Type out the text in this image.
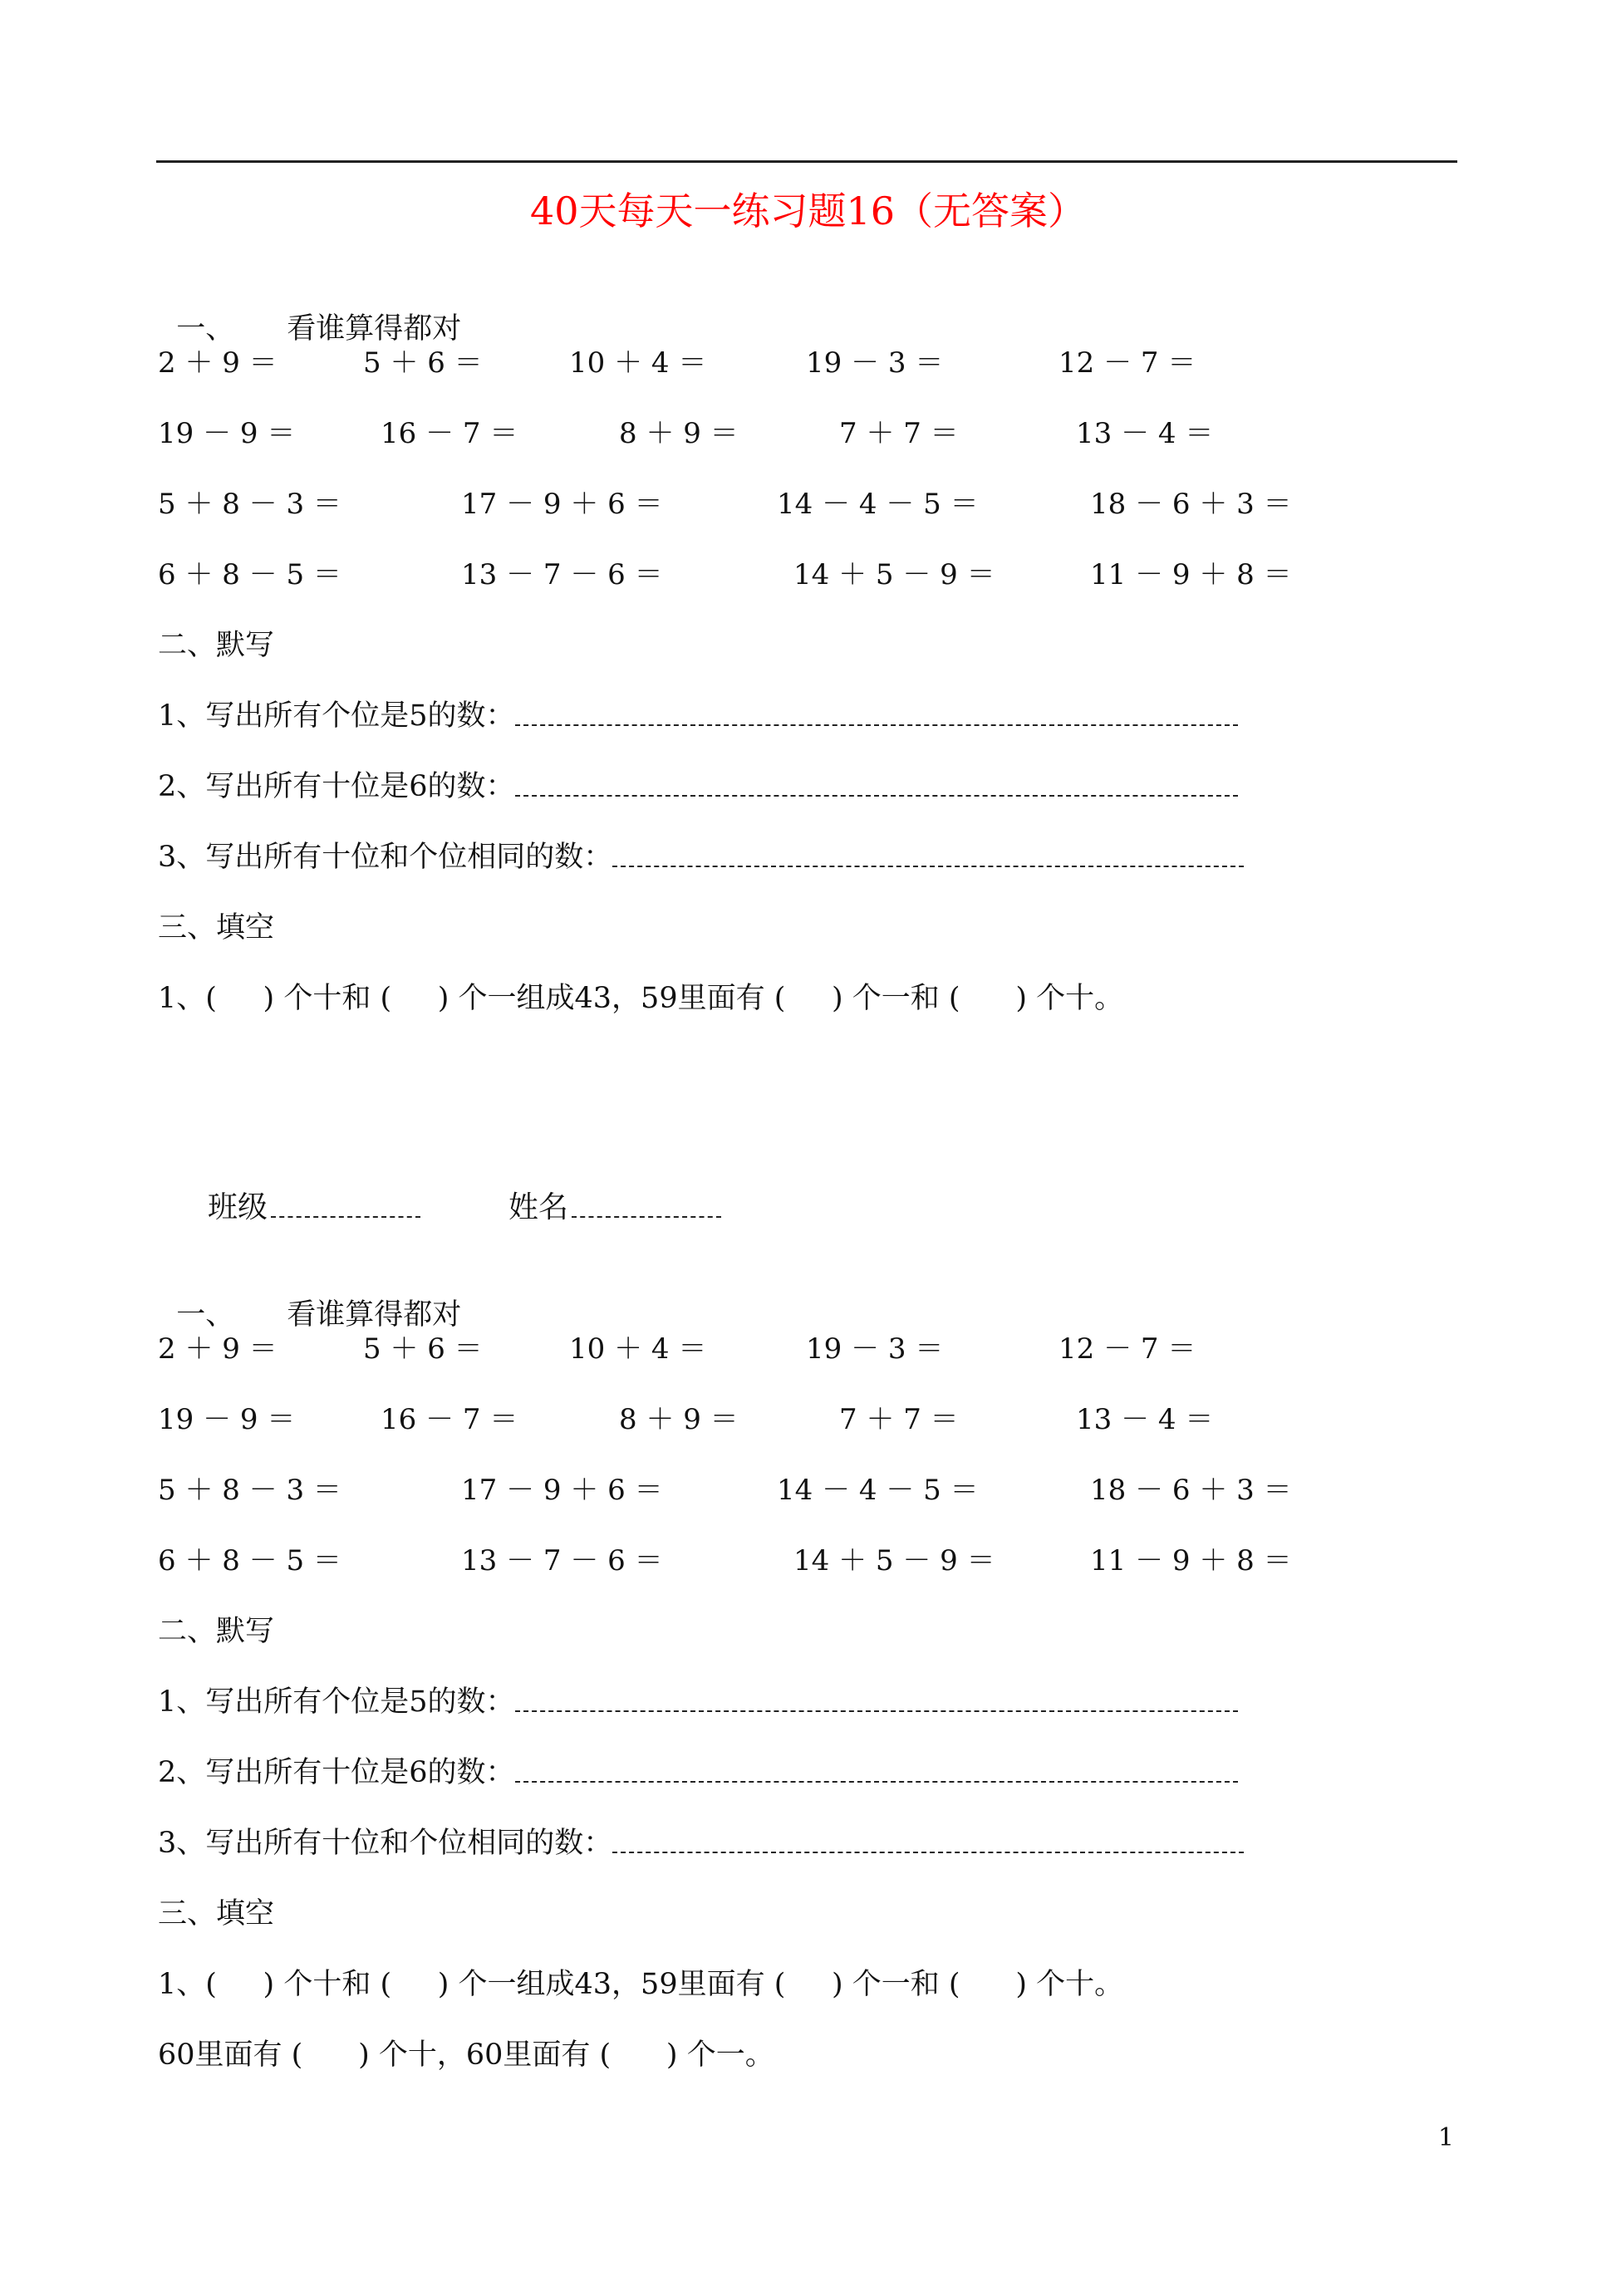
40天每天一练习题16（无答案）

一、 看谁算得都对

2 ＋ 9 ＝	5 ＋ 6 ＝	10 ＋ 4 ＝	19 － 3 ＝	12 － 7 ＝
19 － 9 ＝	16 － 7 ＝	8 ＋ 9 ＝	7 ＋ 7 ＝	13 － 4 ＝
5 ＋ 8 － 3 ＝	17 － 9 ＋ 6 ＝	14 － 4 － 5 ＝	18 － 6 ＋ 3 ＝
6 ＋ 8 － 5 ＝	13 － 7 － 6 ＝	14 ＋ 5 － 9 ＝	11 － 9 ＋ 8 ＝
二、默写
1、写出所有个位是5的数：
2、写出所有十位是6的数：
3、写出所有十位和个位相同的数：
三、填空
1、(     ) 个十和 (     ) 个一组成43，59里面有 (     ) 个一和 (      ) 个十。
班级	姓名

一、 看谁算得都对

2 ＋ 9 ＝	5 ＋ 6 ＝	10 ＋ 4 ＝	19 － 3 ＝	12 － 7 ＝
19 － 9 ＝	16 － 7 ＝	8 ＋ 9 ＝	7 ＋ 7 ＝	13 － 4 ＝
5 ＋ 8 － 3 ＝	17 － 9 ＋ 6 ＝	14 － 4 － 5 ＝	18 － 6 ＋ 3 ＝
6 ＋ 8 － 5 ＝	13 － 7 － 6 ＝	14 ＋ 5 － 9 ＝	11 － 9 ＋ 8 ＝
二、默写
1、写出所有个位是5的数：
2、写出所有十位是6的数：
3、写出所有十位和个位相同的数：
三、填空
1、(     ) 个十和 (     ) 个一组成43，59里面有 (     ) 个一和 (      ) 个十。
60里面有 (      ) 个十，60里面有 (      ) 个一。
1
